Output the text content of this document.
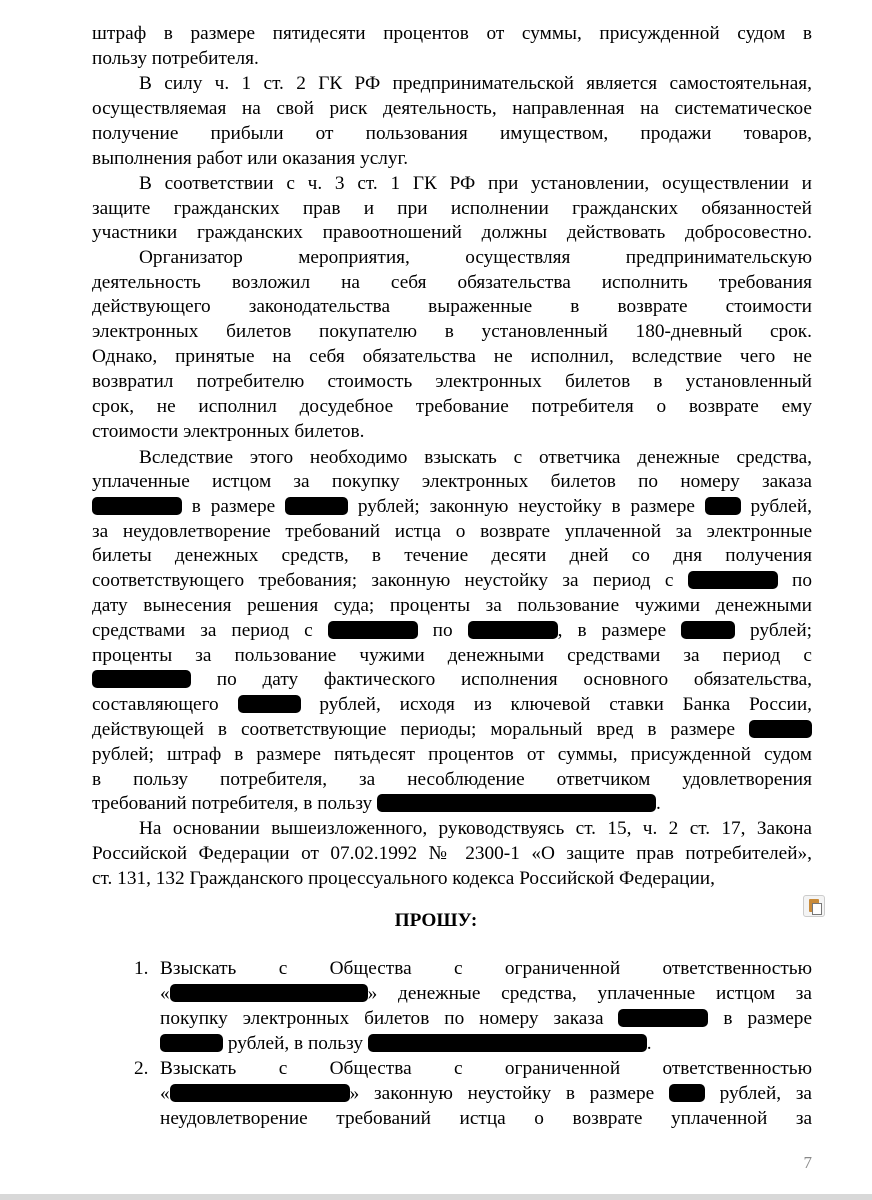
штраф в размере пятидесяти процентов от суммы, присужденной судом в
пользу потребителя.
В силу ч. 1 ст. 2 ГК РФ предпринимательской является самостоятельная,
осуществляемая на свой риск деятельность, направленная на систематическое
получение прибыли от пользования имуществом, продажи товаров,
выполнения работ или оказания услуг.
В соответствии с ч. 3 ст. 1 ГК РФ при установлении, осуществлении и
защите гражданских прав и при исполнении гражданских обязанностей
участники гражданских правоотношений должны действовать добросовестно.
Организатор мероприятия, осуществляя предпринимательскую
деятельность возложил на себя обязательства исполнить требования
действующего законодательства выраженные в возврате стоимости
электронных билетов покупателю в установленный 180-дневный срок.
Однако, принятые на себя обязательства не исполнил, вследствие чего не
возвратил потребителю стоимость электронных билетов в установленный
срок, не исполнил досудебное требование потребителя о возврате ему
стоимости электронных билетов.
Вследствие этого необходимо взыскать с ответчика денежные средства,
уплаченные истцом за покупку электронных билетов по номеру заказа
в размере	рублей; законную неустойку в размере  рублей,
за неудовлетворение требований истца о возврате уплаченной за электронные
билеты денежных средств, в течение десяти дней со дня получения
соответствующего требования; законную неустойку за период с	по
дату вынесения решения суда; проценты за пользование чужими денежными
средствами за период с	по	, в размере	рублей;
проценты за пользование чужими денежными средствами за период с
по дату фактического исполнения основного обязательства,
составляющего	рублей, исходя из ключевой ставки Банка России,
действующей в соответствующие периоды; моральный вред в размере
рублей; штраф в размере пятьдесят процентов от суммы, присужденной судом
в пользу потребителя, за несоблюдение ответчиком удовлетворения
требований потребителя, в пользу	.
На основании вышеизложенного, руководствуясь ст. 15, ч. 2 ст. 17, Закона
Российской Федерации от 07.02.1992 № 2300-1 «О защите прав потребителей»,
ст. 131, 132 Гражданского процессуального кодекса Российской Федерации,
1. Взыскать с Общества с ограниченной ответственностью
«	» денежные средства, уплаченные истцом за
покупку электронных билетов по номеру заказа	в размере
рублей, в пользу	.
2. Взыскать с Общества с ограниченной ответственностью
«	» законную неустойку в размере  рублей, за
неудовлетворение требований истца о возврате уплаченной за
ПРОШУ:
7
